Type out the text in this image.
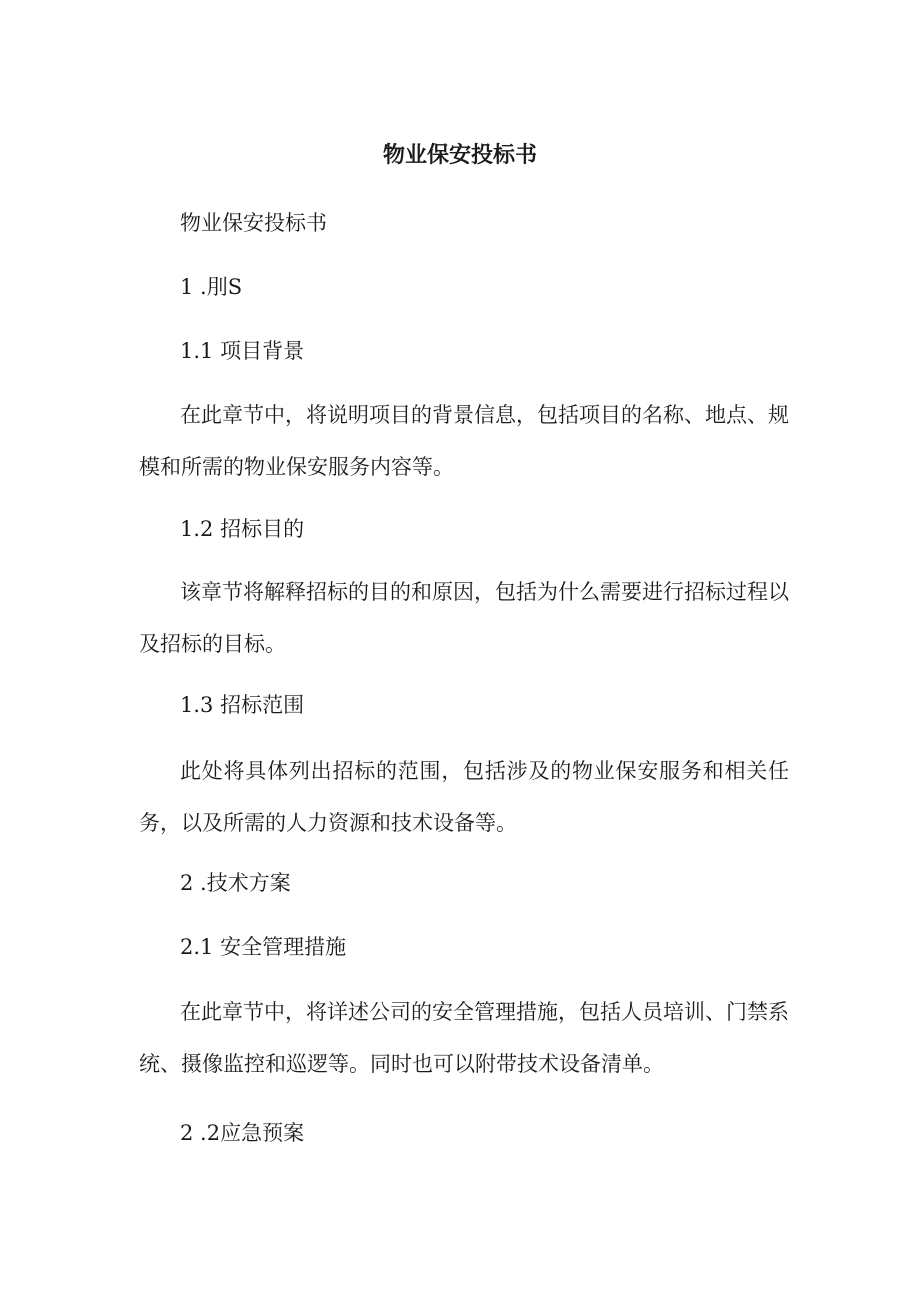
物业保安投标书
物业保安投标书
1 .刖S
1.1 项目背景
在此章节中，将说明项目的背景信息，包括项目的名称、地点、规模和所需的物业保安服务内容等。
1.2 招标目的
该章节将解释招标的目的和原因，包括为什么需要进行招标过程以及招标的目标。
1.3 招标范围
此处将具体列出招标的范围，包括涉及的物业保安服务和相关任务，以及所需的人力资源和技术设备等。
2 .技术方案
2.1 安全管理措施
在此章节中，将详述公司的安全管理措施，包括人员培训、门禁系统、摄像监控和巡逻等。同时也可以附带技术设备清单。
2 .2应急预案
